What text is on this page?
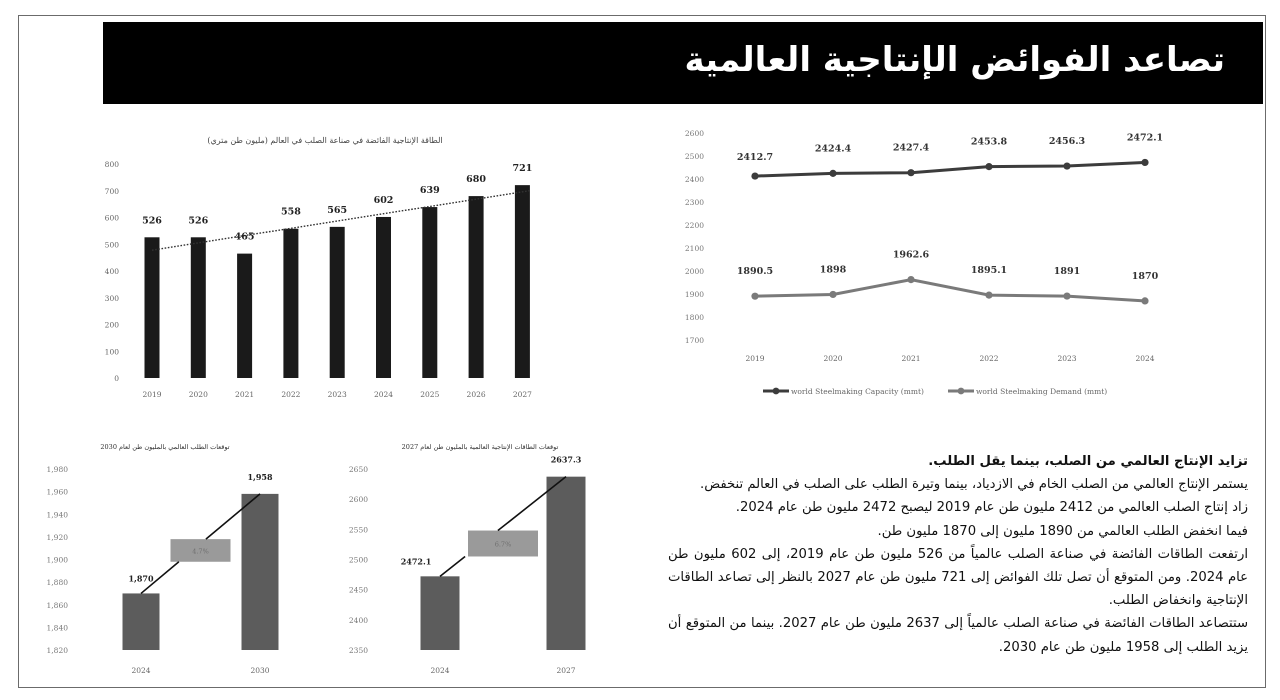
تصاعد الفوائض الإنتاجية العالمية
الطاقة الإنتاجية الفائضة في صناعة الصلب في العالم (مليون طن متري)
0
100
200
300
400
500
600
700
800
526	526
465
558	565
602
639
680
721
2019	2020	2021	2022	2023	2024	2025	2026	2027
1700
1800
1900
2000
2100
2200
2300
2400
2500
2600
2412.7
2424.4	2427.4
2453.8	2456.3	2472.1
1890.5	1898
1962.6
1895.1	1891	1870
2019	2020	2021	2022	2023	2024
world Steelmaking Capacity (mmt)	world Steelmaking Demand (mmt)
توقعات الطلب العالمي بالمليون طن لعام 2030
1,820
1,840
1,860
1,880
1,900
1,920
1,940
1,960
1,980
4.7%
1,870
1,958
2024	2030
توقعات الطاقات الإنتاجية العالمية بالمليون طن لعام 2027
2350
2400
2450
2500
2550
2600
2650
6.7%
2472.1
2637.3
2024	2027

تزايد الإنتاج العالمي من الصلب، بينما يقل الطلب.

يستمر الإنتاج العالمي من الصلب الخام في الازدياد، بينما وتيرة الطلب على الصلب في العالم تنخفض.

زاد إنتاج الصلب العالمي من 2412 مليون طن عام 2019 ليصبح 2472 مليون طن عام 2024.

فيما انخفض الطلب العالمي من 1890 مليون إلى 1870 مليون طن.

ارتفعت الطاقات الفائضة في صناعة الصلب عالمياً من 526 مليون طن عام 2019، إلى 602 مليون طن عام 2024. ومن المتوقع أن تصل تلك الفوائض إلى 721 مليون طن عام 2027 بالنظر إلى تصاعد الطاقات الإنتاجية وانخفاض الطلب.

ستتصاعد الطاقات الفائضة في صناعة الصلب عالمياً إلى 2637 مليون طن عام 2027. بينما من المتوقع أن يزيد الطلب إلى 1958 مليون طن عام 2030.
